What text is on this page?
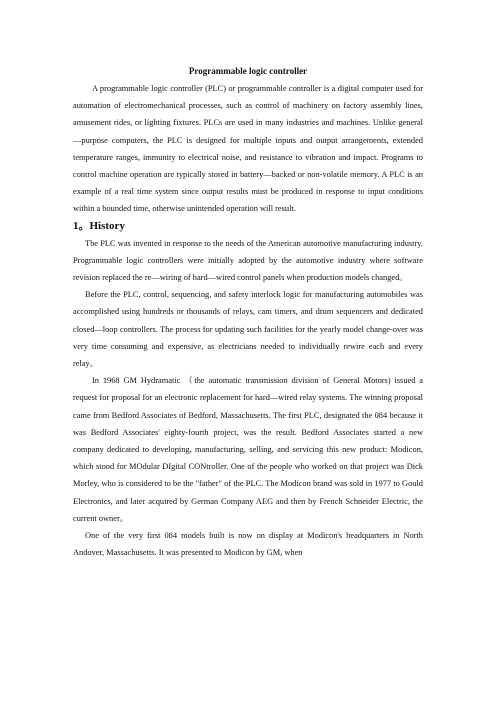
Programmable logic controller

A programmable logic controller (PLC) or programmable controller is a digital computer used for automation of electromechanical processes, such as control of machinery on factory assembly lines, amusement rides, or lighting fixtures. PLCs are used in many industries and machines. Unlike general—purpose computers, the PLC is designed for multiple inputs and output arrangements, extended temperature ranges, immunity to electrical noise, and resistance to vibration and impact. Programs to control machine operation are typically stored in battery—backed or non-volatile memory. A PLC is an example of a real time system since output results must be produced in response to input conditions within a bounded time, otherwise unintended operation will result.

1。History

The PLC was invented in response to the needs of the American automotive manufacturing industry. Programmable logic controllers were initially adopted by the automotive industry where software revision replaced the re—wiring of hard—wired control panels when production models changed。

Before the PLC, control, sequencing, and safety interlock logic for manufacturing automobiles was accomplished using hundreds or thousands of relays, cam timers, and drum sequencers and dedicated closed—loop controllers. The process for updating such facilities for the yearly model change-over was very time consuming and expensive, as electricians needed to individually rewire each and every relay。

In 1968 GM Hydramatic （the automatic transmission division of General Motors) issued a request for proposal for an electronic replacement for hard—wired relay systems. The winning proposal came from Bedford Associates of Bedford, Massachusetts. The first PLC, designated the 084 because it was Bedford Associates' eighty-fourth project, was the result. Bedford Associates started a new company dedicated to developing, manufacturing, selling, and servicing this new product: Modicon, which stood for MOdular DIgital CONtroller. One of the people who worked on that project was Dick Morley, who is considered to be the "father" of the PLC. The Modicon brand was sold in 1977 to Gould Electronics, and later acquired by German Company AEG and then by French Schneider Electric, the current owner。

One of the very first 084 models built is now on display at Modicon's headquarters in North Andover, Massachusetts. It was presented to Modicon by GM, when
